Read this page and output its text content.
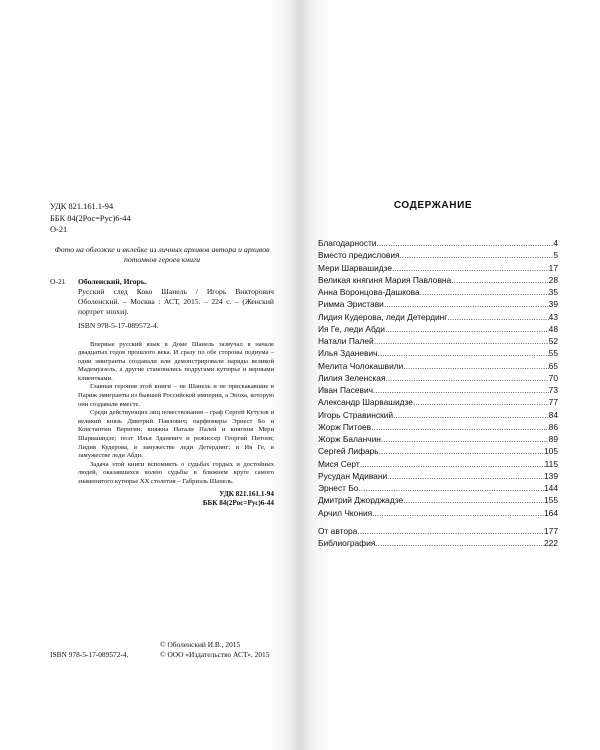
УДК 821.161.1-94
ББК 84(2Рос=Рус)6-44
О-21
Фото на обложке и вклейке из личных архивов автора и архивов потомков героев книги
О-21	Оболенский, Игорь.
Русский след Коко Шанель / Игорь Викторович Оболенский. – Москва : АСТ, 2015. – 224 с. – (Женский портрет эпохи).
ISBN 978-5-17-089572-4.

Впервые русский язык в Доме Шанель зазвучал в начале двадцатых годов прошлого века. И сразу по обе стороны подиума – одни эмигранты создавали или демонстрировали наряды великой Мадемуазель, а другие становились подругами кутюрье и верными клиентками.

Главная героиня этой книги – не Шанель и не прискакавшие в Париж эмигранты из бывшей Российской империи, а Эпоха, которую они создавали вместе.

Среди действующих лиц повествования – граф Сергей Кутузов и великий князь Дмитрий Павлович; парфюмеры Эрнест Бо и Константин Веригин; княжна Натали Палей и княгиня Мери Шарвашидзе; поэт Илья Зданевич и режиссер Георгий Питоев; Лидия Кудерова, в замужестве леди Детердинг; и Ия Ге, в замужестве леди Абди.

Задача этой книги вспомнить о судьбах гордых и достойных людей, оказавшихся волею судьбы в ближнем круге самого знаменитого кутюрье XX столетия – Габриэль Шанель.

УДК 821.161.1-94
ББК 84(2Рос=Рус)6-44
ISBN 978-5-17-089572-4.
© Оболенский И.В., 2015
© ООО «Издательство АСТ», 2015
СОДЕРЖАНИЕ
Благодарности .....	4
Вместо предисловия .....	5
Мери Шарвашидзе .....	17
Великая княгиня Мария Павловна .....	28
Анна Воронцова-Дашкова .....	35
Римма Эристави .....	39
Лидия Кудерова, леди Детердинг .....	43
Ия Ге, леди Абди .....	48
Натали Палей .....	52
Илья Зданевич .....	55
Мелита Чолокашвили .....	65
Лилия Зеленская .....	70
Иван Пасевич .....	73
Александр Шарвашидзе .....	77
Игорь Стравинский .....	84
Жорж Питоев .....	86
Жорж Баланчин .....	89
Сергей Лифарь .....	105
Мися Серт .....	115
Русудан Мдивани .....	139
Эрнест Бо .....	144
Дмитрий Джорджадзе .....	155
Арчил Чкония .....	164
От автора .....	177
Библиография .....	222
